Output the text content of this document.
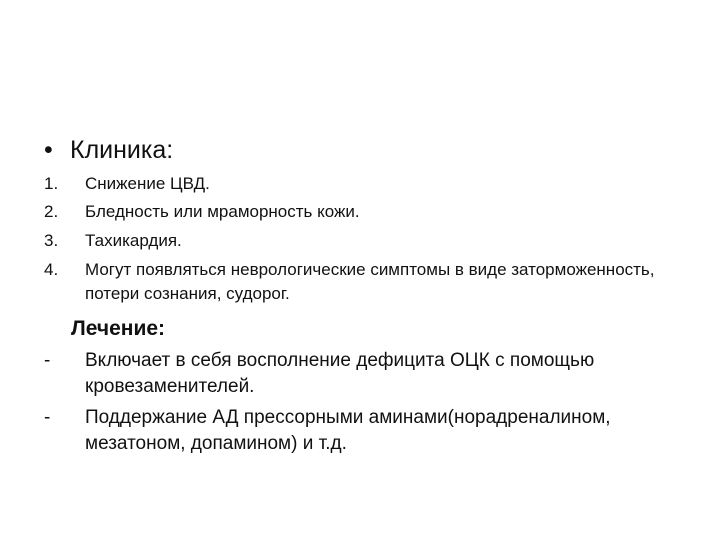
• Клиника:
1. Снижение ЦВД.
2. Бледность или мраморность кожи.
3. Тахикардия.
4. Могут появляться неврологические симптомы в виде заторможенность, потери сознания, судорог.
Лечение:
- Включает в себя восполнение дефицита ОЦК с помощью кровезаменителей.
- Поддержание АД прессорными аминами(норадреналином, мезатоном, допамином) и т.д.
